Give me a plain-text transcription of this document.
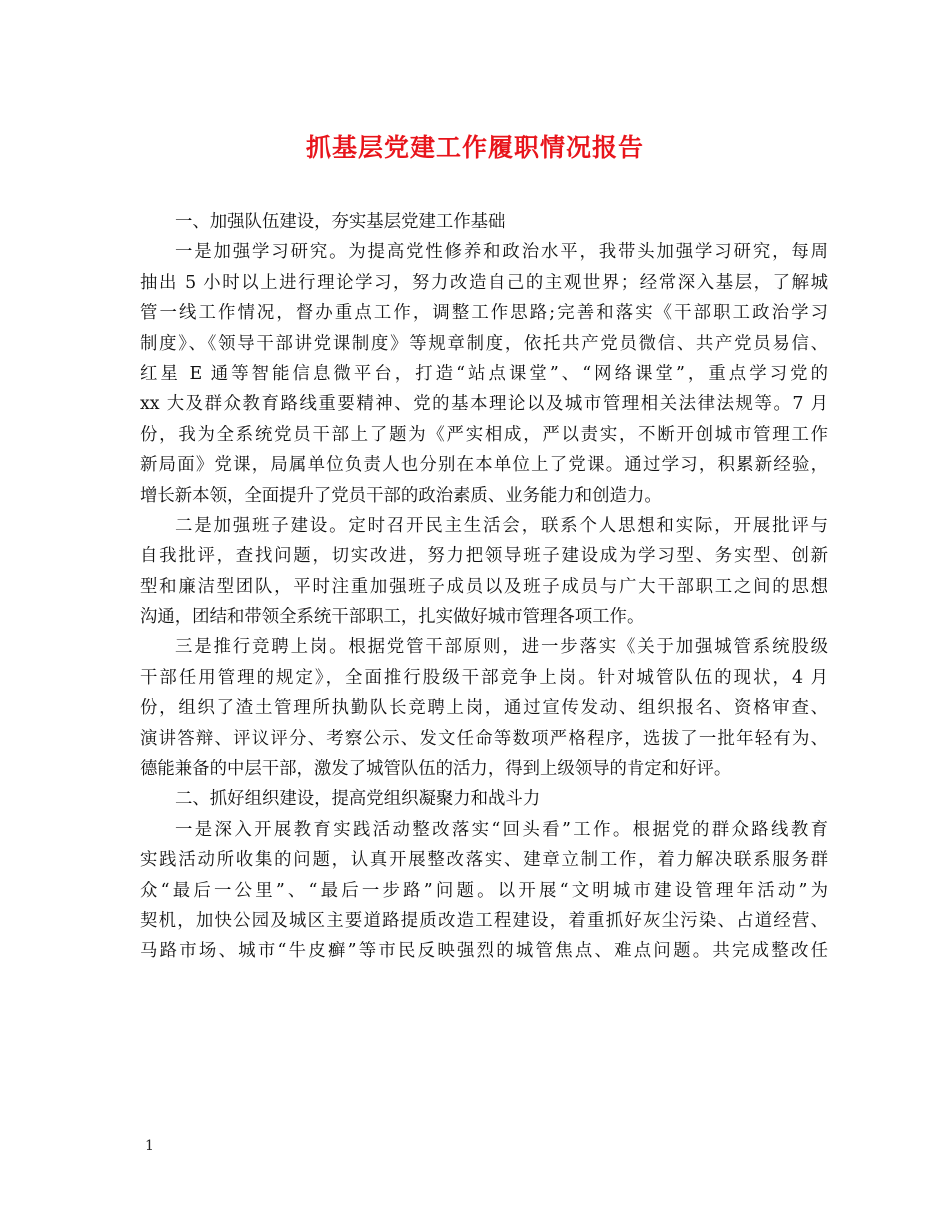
抓基层党建工作履职情况报告
一、加强队伍建设，夯实基层党建工作基础
一是加强学习研究。为提高党性修养和政治水平，我带头加强学习研究，每周
抽出 5 小时以上进行理论学习，努力改造自己的主观世界；经常深入基层，了解城
管一线工作情况，督办重点工作，调整工作思路;完善和落实《干部职工政治学习
制度》、《领导干部讲党课制度》等规章制度，依托共产党员微信、共产党员易信、
红星 E 通等智能信息微平台，打造“站点课堂”、“网络课堂”，重点学习党的
xx 大及群众教育路线重要精神、党的基本理论以及城市管理相关法律法规等。7 月
份，我为全系统党员干部上了题为《严实相成，严以责实，不断开创城市管理工作
新局面》党课，局属单位负责人也分别在本单位上了党课。通过学习，积累新经验，
增长新本领，全面提升了党员干部的政治素质、业务能力和创造力。
二是加强班子建设。定时召开民主生活会，联系个人思想和实际，开展批评与
自我批评，查找问题，切实改进，努力把领导班子建设成为学习型、务实型、创新
型和廉洁型团队，平时注重加强班子成员以及班子成员与广大干部职工之间的思想
沟通，团结和带领全系统干部职工，扎实做好城市管理各项工作。
三是推行竞聘上岗。根据党管干部原则，进一步落实《关于加强城管系统股级
干部任用管理的规定》，全面推行股级干部竞争上岗。针对城管队伍的现状，4 月
份，组织了渣土管理所执勤队长竞聘上岗，通过宣传发动、组织报名、资格审查、
演讲答辩、评议评分、考察公示、发文任命等数项严格程序，选拔了一批年轻有为、
德能兼备的中层干部，激发了城管队伍的活力，得到上级领导的肯定和好评。
二、抓好组织建设，提高党组织凝聚力和战斗力
一是深入开展教育实践活动整改落实“回头看”工作。根据党的群众路线教育
实践活动所收集的问题，认真开展整改落实、建章立制工作，着力解决联系服务群
众“最后一公里”、“最后一步路”问题。以开展“文明城市建设管理年活动”为
契机，加快公园及城区主要道路提质改造工程建设，着重抓好灰尘污染、占道经营、
马路市场、城市“牛皮癣”等市民反映强烈的城管焦点、难点问题。共完成整改任
1
